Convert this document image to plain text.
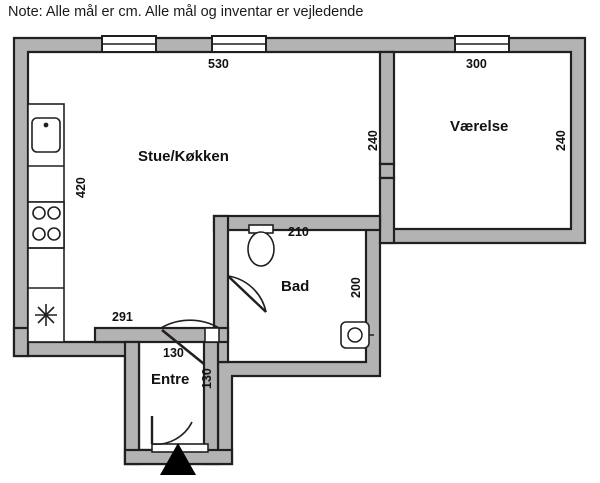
Note: Alle mål er cm. Alle mål og inventar er vejledende
Stue/Køkken
Værelse
Bad
Entre
530	300
240	240
420
210
200
291
130
130
